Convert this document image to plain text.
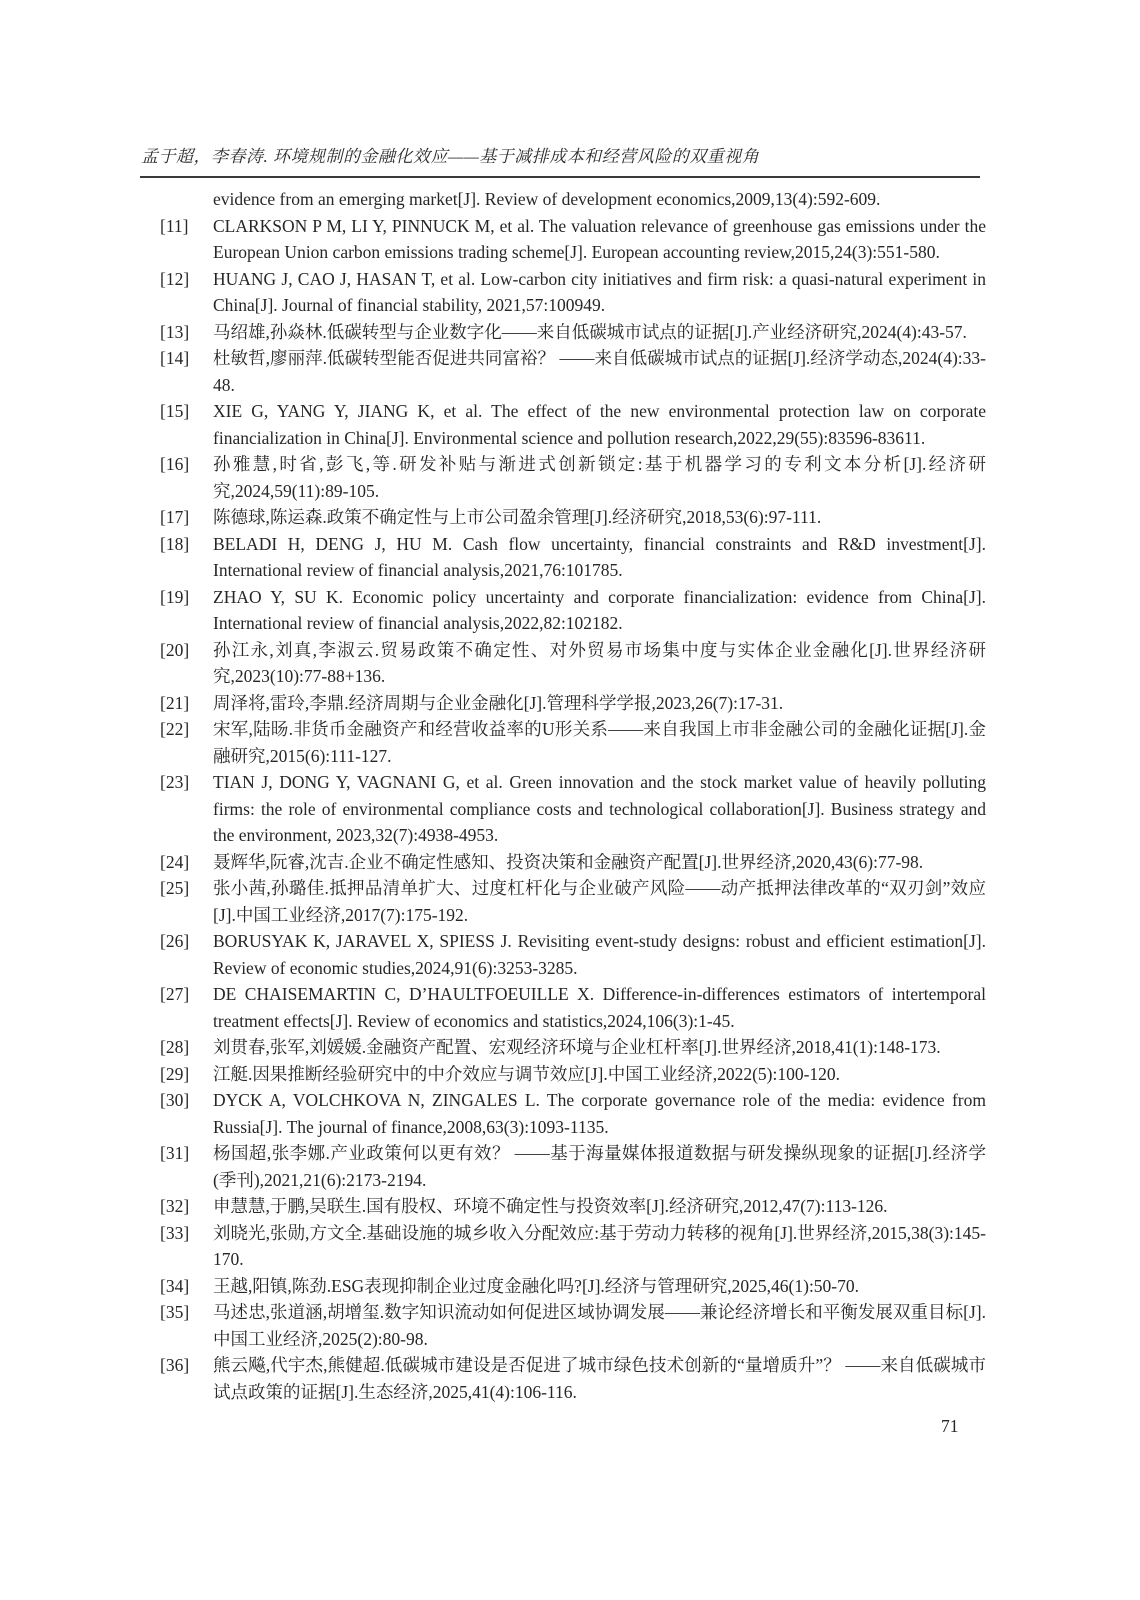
孟于超，李春涛. 环境规制的金融化效应——基于减排成本和经营风险的双重视角
evidence from an emerging market[J]. Review of development economics,2009,13(4):592-609.
[11]	CLARKSON P M, LI Y, PINNUCK M, et al. The valuation relevance of greenhouse gas emissions under the European Union carbon emissions trading scheme[J]. European accounting review,2015,24(3):551-580.
[12]	HUANG J, CAO J, HASAN T, et al. Low-carbon city initiatives and firm risk: a quasi-natural experiment in China[J]. Journal of financial stability, 2021,57:100949.
[13]	马绍雄,孙焱林.低碳转型与企业数字化——来自低碳城市试点的证据[J].产业经济研究,2024(4):43-57.
[14]	杜敏哲,廖丽萍.低碳转型能否促进共同富裕？ ——来自低碳城市试点的证据[J].经济学动态,2024(4):33-48.
[15]	XIE G, YANG Y, JIANG K, et al. The effect of the new environmental protection law on corporate financialization in China[J]. Environmental science and pollution research,2022,29(55):83596-83611.
[16]	孙雅慧,时省,彭飞,等.研发补贴与渐进式创新锁定:基于机器学习的专利文本分析[J].经济研究,2024,59(11):89-105.
[17]	陈德球,陈运森.政策不确定性与上市公司盈余管理[J].经济研究,2018,53(6):97-111.
[18]	BELADI H, DENG J, HU M. Cash flow uncertainty, financial constraints and R&D investment[J]. International review of financial analysis,2021,76:101785.
[19]	ZHAO Y, SU K. Economic policy uncertainty and corporate financialization: evidence from China[J]. International review of financial analysis,2022,82:102182.
[20]	孙江永,刘真,李淑云.贸易政策不确定性、对外贸易市场集中度与实体企业金融化[J].世界经济研究,2023(10):77-88+136.
[21]	周泽将,雷玲,李鼎.经济周期与企业金融化[J].管理科学学报,2023,26(7):17-31.
[22]	宋军,陆旸.非货币金融资产和经营收益率的U形关系——来自我国上市非金融公司的金融化证据[J].金融研究,2015(6):111-127.
[23]	TIAN J, DONG Y, VAGNANI G, et al. Green innovation and the stock market value of heavily polluting firms: the role of environmental compliance costs and technological collaboration[J]. Business strategy and the environment, 2023,32(7):4938-4953.
[24]	聂辉华,阮睿,沈吉.企业不确定性感知、投资决策和金融资产配置[J].世界经济,2020,43(6):77-98.
[25]	张小茜,孙璐佳.抵押品清单扩大、过度杠杆化与企业破产风险——动产抵押法律改革的“双刃剑”效应[J].中国工业经济,2017(7):175-192.
[26]	BORUSYAK K, JARAVEL X, SPIESS J. Revisiting event-study designs: robust and efficient estimation[J]. Review of economic studies,2024,91(6):3253-3285.
[27]	DE CHAISEMARTIN C, D’HAULTFOEUILLE X. Difference-in-differences estimators of intertemporal treatment effects[J]. Review of economics and statistics,2024,106(3):1-45.
[28]	刘贯春,张军,刘媛媛.金融资产配置、宏观经济环境与企业杠杆率[J].世界经济,2018,41(1):148-173.
[29]	江艇.因果推断经验研究中的中介效应与调节效应[J].中国工业经济,2022(5):100-120.
[30]	DYCK A, VOLCHKOVA N, ZINGALES L. The corporate governance role of the media: evidence from Russia[J]. The journal of finance,2008,63(3):1093-1135.
[31]	杨国超,张李娜.产业政策何以更有效？ ——基于海量媒体报道数据与研发操纵现象的证据[J].经济学(季刊),2021,21(6):2173-2194.
[32]	申慧慧,于鹏,吴联生.国有股权、环境不确定性与投资效率[J].经济研究,2012,47(7):113-126.
[33]	刘晓光,张勋,方文全.基础设施的城乡收入分配效应:基于劳动力转移的视角[J].世界经济,2015,38(3):145-170.
[34]	王越,阳镇,陈劲.ESG表现抑制企业过度金融化吗?[J].经济与管理研究,2025,46(1):50-70.
[35]	马述忠,张道涵,胡增玺.数字知识流动如何促进区域协调发展——兼论经济增长和平衡发展双重目标[J].中国工业经济,2025(2):80-98.
[36]	熊云飚,代宇杰,熊健超.低碳城市建设是否促进了城市绿色技术创新的“量增质升”？ ——来自低碳城市试点政策的证据[J].生态经济,2025,41(4):106-116.
71
